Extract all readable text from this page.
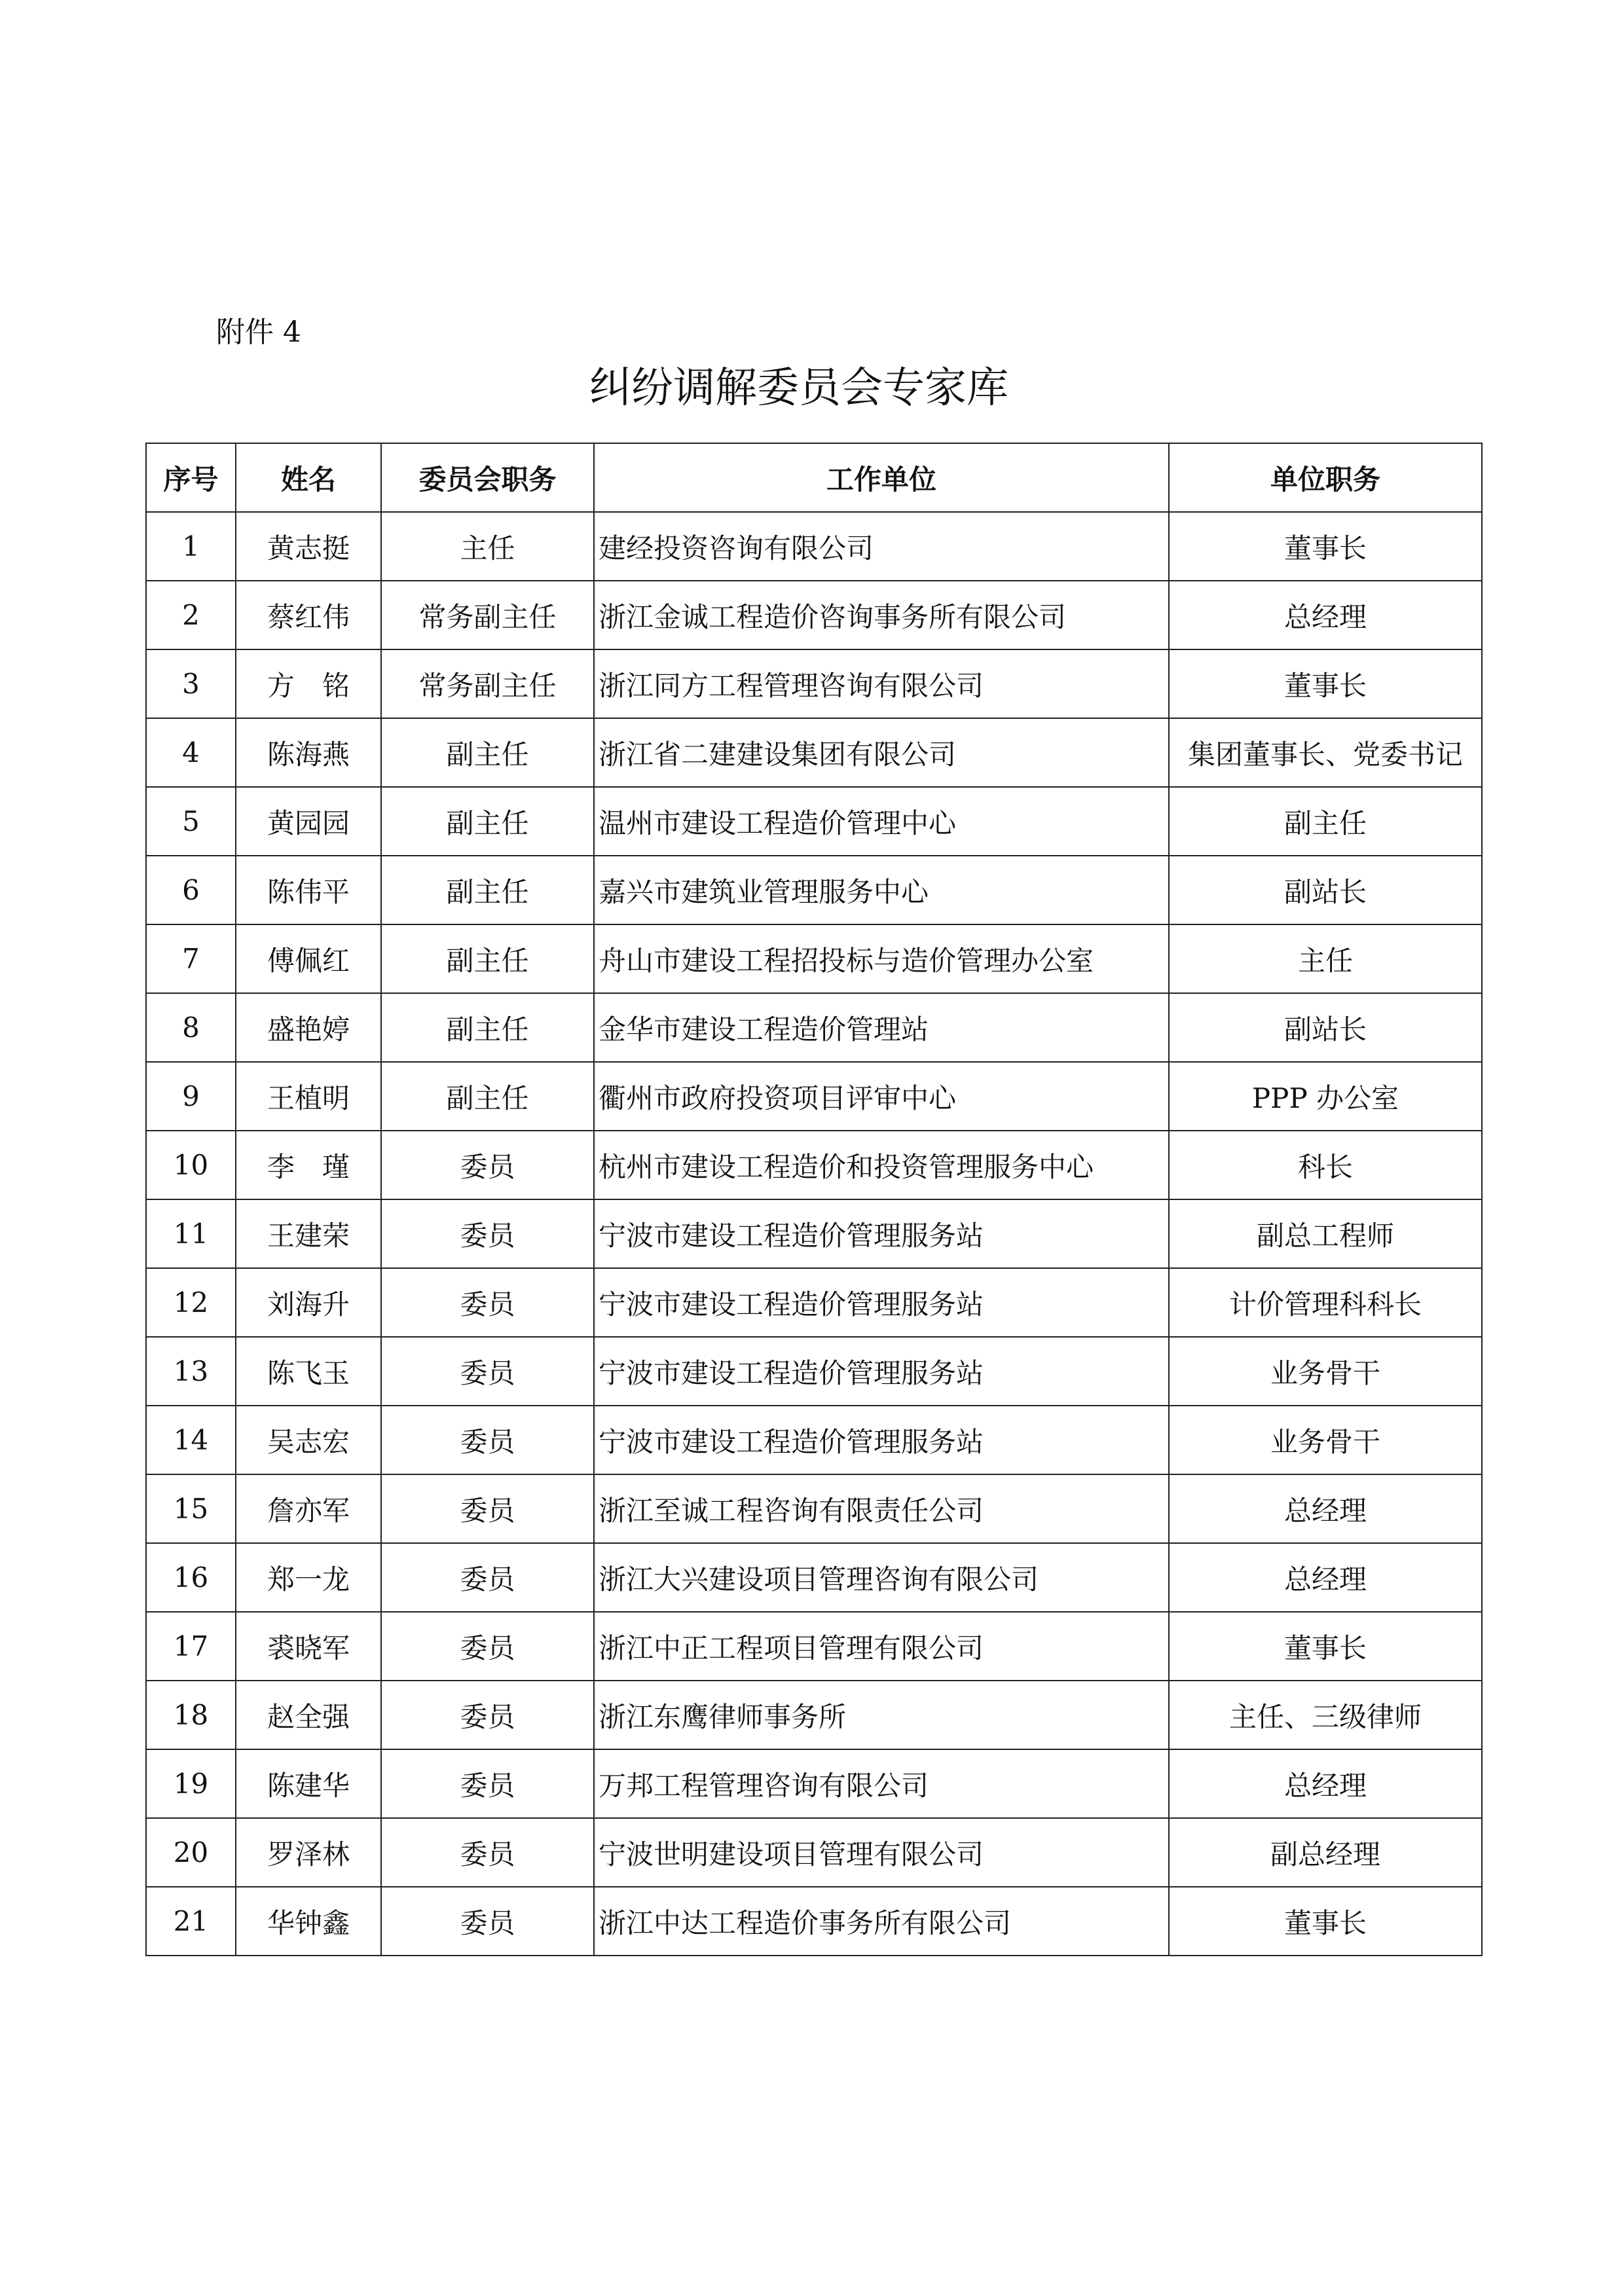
附件 4
纠纷调解委员会专家库
序号	姓名	委员会职务	工作单位	单位职务
1	黄志挺	主任	建经投资咨询有限公司	董事长
2	蔡红伟	常务副主任	浙江金诚工程造价咨询事务所有限公司	总经理
3	方　铭	常务副主任	浙江同方工程管理咨询有限公司	董事长
4	陈海燕	副主任	浙江省二建建设集团有限公司	集团董事长、党委书记
5	黄园园	副主任	温州市建设工程造价管理中心	副主任
6	陈伟平	副主任	嘉兴市建筑业管理服务中心	副站长
7	傅佩红	副主任	舟山市建设工程招投标与造价管理办公室	主任
8	盛艳婷	副主任	金华市建设工程造价管理站	副站长
9	王植明	副主任	衢州市政府投资项目评审中心	PPP 办公室
10	李　瑾	委员	杭州市建设工程造价和投资管理服务中心	科长
11	王建荣	委员	宁波市建设工程造价管理服务站	副总工程师
12	刘海升	委员	宁波市建设工程造价管理服务站	计价管理科科长
13	陈飞玉	委员	宁波市建设工程造价管理服务站	业务骨干
14	吴志宏	委员	宁波市建设工程造价管理服务站	业务骨干
15	詹亦军	委员	浙江至诚工程咨询有限责任公司	总经理
16	郑一龙	委员	浙江大兴建设项目管理咨询有限公司	总经理
17	裘晓军	委员	浙江中正工程项目管理有限公司	董事长
18	赵全强	委员	浙江东鹰律师事务所	主任、三级律师
19	陈建华	委员	万邦工程管理咨询有限公司	总经理
20	罗泽林	委员	宁波世明建设项目管理有限公司	副总经理
21	华钟鑫	委员	浙江中达工程造价事务所有限公司	董事长
